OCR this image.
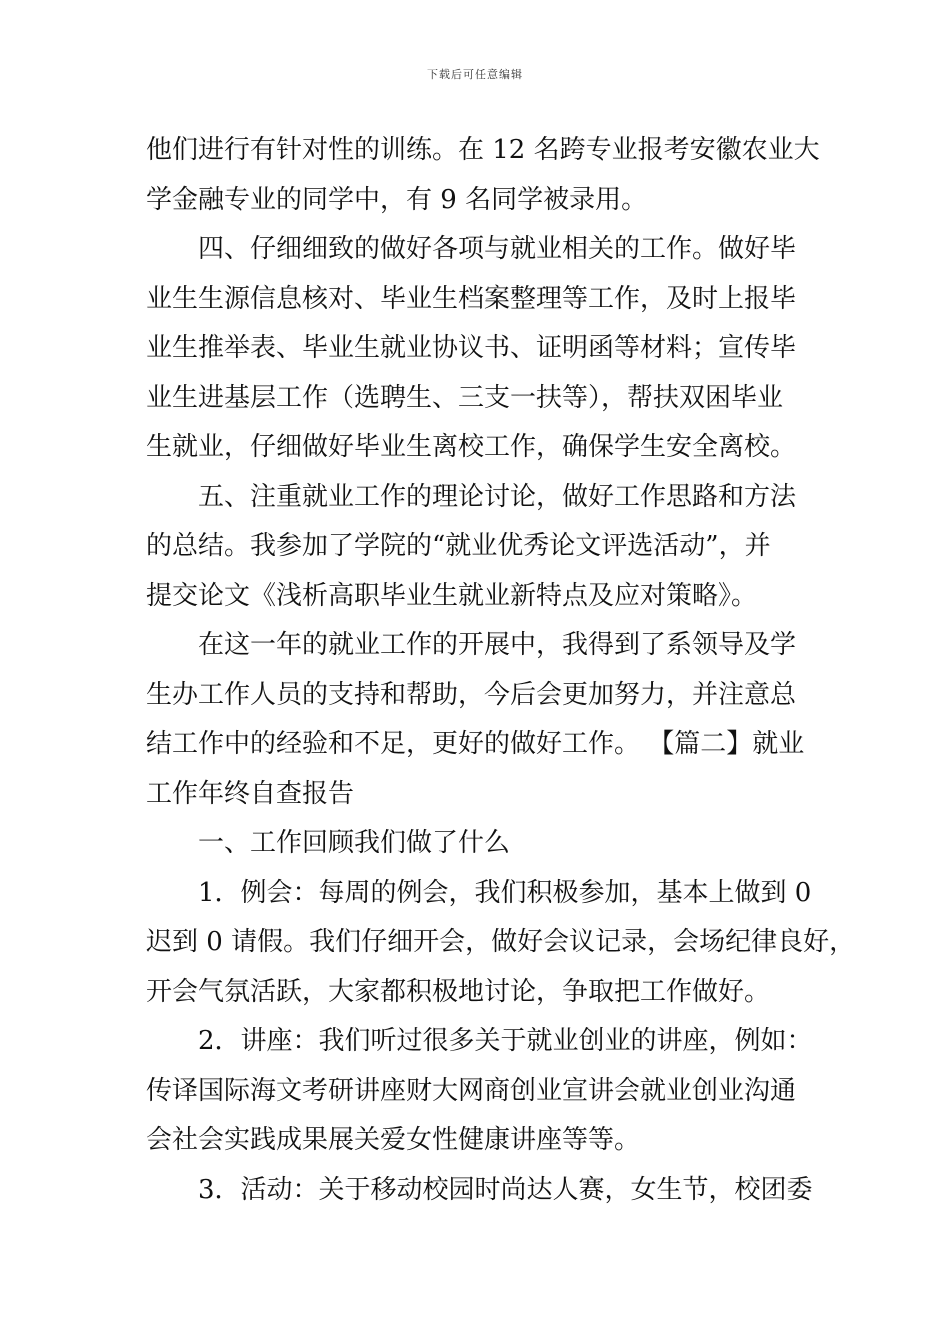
下载后可任意编辑
他们进行有针对性的训练。在 12 名跨专业报考安徽农业大
学金融专业的同学中，有 9 名同学被录用。
四、仔细细致的做好各项与就业相关的工作。做好毕
业生生源信息核对、毕业生档案整理等工作，及时上报毕
业生推举表、毕业生就业协议书、证明函等材料；宣传毕
业生进基层工作（选聘生、三支一扶等），帮扶双困毕业
生就业，仔细做好毕业生离校工作，确保学生安全离校。
五、注重就业工作的理论讨论，做好工作思路和方法
的总结。我参加了学院的“就业优秀论文评选活动”，并
提交论文《浅析高职毕业生就业新特点及应对策略》。
在这一年的就业工作的开展中，我得到了系领导及学
生办工作人员的支持和帮助，今后会更加努力，并注意总
结工作中的经验和不足，更好的做好工作。 【篇二】就业
工作年终自查报告
一、工作回顾我们做了什么
1．例会：每周的例会，我们积极参加，基本上做到 0
迟到 0 请假。我们仔细开会，做好会议记录，会场纪律良好，
开会气氛活跃，大家都积极地讨论，争取把工作做好。
2．讲座：我们听过很多关于就业创业的讲座，例如：
传译国际海文考研讲座财大网商创业宣讲会就业创业沟通
会社会实践成果展关爱女性健康讲座等等。
3．活动：关于移动校园时尚达人赛，女生节，校团委
